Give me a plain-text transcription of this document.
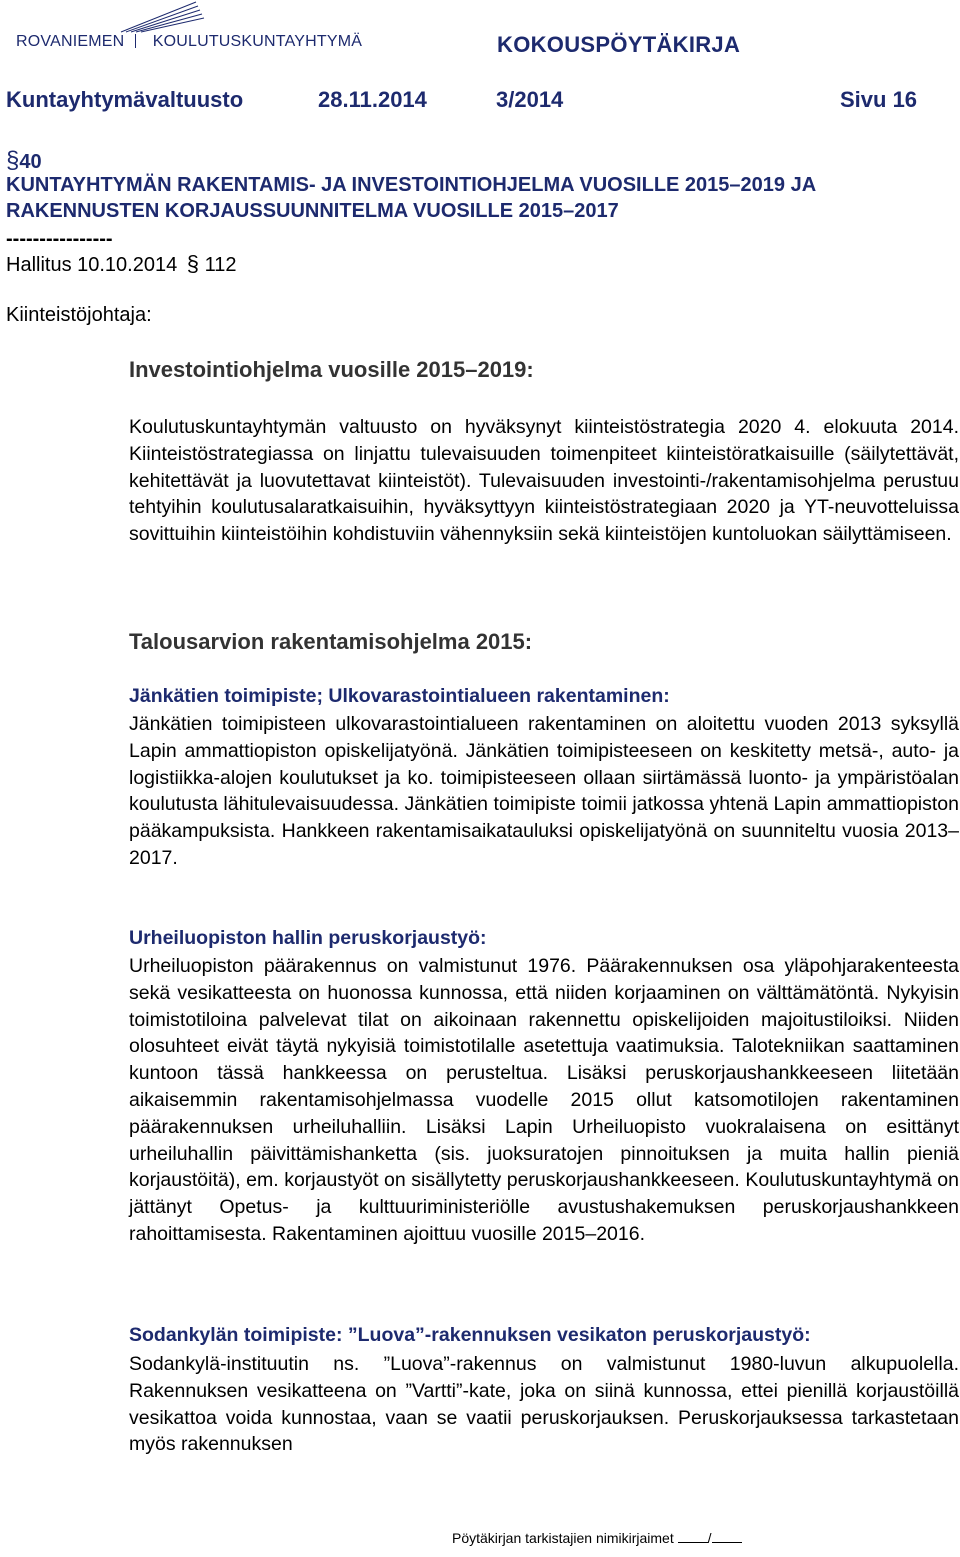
ROVANIEMEN KOULUTUSKUNTAYHTYMÄ	KOKOUSPÖYTÄKIRJA
Kuntayhtymävaltuusto	28.11.2014	3/2014	Sivu 16
§40
KUNTAYHTYMÄN RAKENTAMIS- JA INVESTOINTIOHJELMA VUOSILLE 2015–2019 JA RAKENNUSTEN KORJAUSSUUNNITELMA VUOSILLE 2015–2017
----------------
Hallitus 10.10.2014 § 112
Kiinteistöjohtaja:
Investointiohjelma vuosille 2015–2019:
Koulutuskuntayhtymän valtuusto on hyväksynyt kiinteistöstrategia 2020 4. elokuuta 2014. Kiinteistöstrategiassa on linjattu tulevaisuuden toimenpiteet kiinteistöratkaisuille (säilytettävät, kehitettävät ja luovutettavat kiinteistöt). Tulevaisuuden investointi-/rakentamisohjelma perustuu tehtyihin koulutusalaratkaisuihin, hyväksyttyyn kiinteistöstrategiaan 2020 ja YT-neuvotteluissa sovittuihin kiinteistöihin kohdistuviin vähennyksiin sekä kiinteistöjen kuntoluokan säilyttämiseen.
Talousarvion rakentamisohjelma 2015:
Jänkätien toimipiste; Ulkovarastointialueen rakentaminen:
Jänkätien toimipisteen ulkovarastointialueen rakentaminen on aloitettu vuoden 2013 syksyllä Lapin ammattiopiston opiskelijatyönä. Jänkätien toimipisteeseen on keskitetty metsä-, auto- ja logistiikka-alojen koulutukset ja ko. toimipisteeseen ollaan siirtämässä luonto- ja ympäristöalan koulutusta lähitulevaisuudessa. Jänkätien toimipiste toimii jatkossa yhtenä Lapin ammattiopiston pääkampuksista. Hankkeen rakentamisaikatauluksi opiskelijatyönä on suunniteltu vuosia 2013–2017.
Urheiluopiston hallin peruskorjaustyö:
Urheiluopiston päärakennus on valmistunut 1976. Päärakennuksen osa yläpohjarakenteesta sekä vesikatteesta on huonossa kunnossa, että niiden korjaaminen on välttämätöntä. Nykyisin toimistotiloina palvelevat tilat on aikoinaan rakennettu opiskelijoiden majoitustiloiksi. Niiden olosuhteet eivät täytä nykyisiä toimistotilalle asetettuja vaatimuksia. Talotekniikan saattaminen kuntoon tässä hankkeessa on perusteltua. Lisäksi peruskorjaushankkeeseen liitetään aikaisemmin rakentamisohjelmassa vuodelle 2015 ollut katsomotilojen rakentaminen päärakennuksen urheiluhalliin. Lisäksi Lapin Urheiluopisto vuokralaisena on esittänyt urheiluhallin päivittämishanketta (sis. juoksuratojen pinnoituksen ja muita hallin pieniä korjaustöitä), em. korjaustyöt on sisällytetty peruskorjaushankkeeseen. Koulutuskuntayhtymä on jättänyt Opetus- ja kulttuuriministeriölle avustushakemuksen peruskorjaushankkeen rahoittamisesta. Rakentaminen ajoittuu vuosille 2015–2016.
Sodankylän toimipiste: ”Luova”-rakennuksen vesikaton peruskorjaustyö:
Sodankylä-instituutin ns. ”Luova”-rakennus on valmistunut 1980-luvun alkupuolella. Rakennuksen vesikatteena on ”Vartti”-kate, joka on siinä kunnossa, ettei pienillä korjaustöillä vesikattoa voida kunnostaa, vaan se vaatii peruskorjauksen. Peruskorjauksessa tarkastetaan myös rakennuksen
Pöytäkirjan tarkistajien nimikirjaimet /
